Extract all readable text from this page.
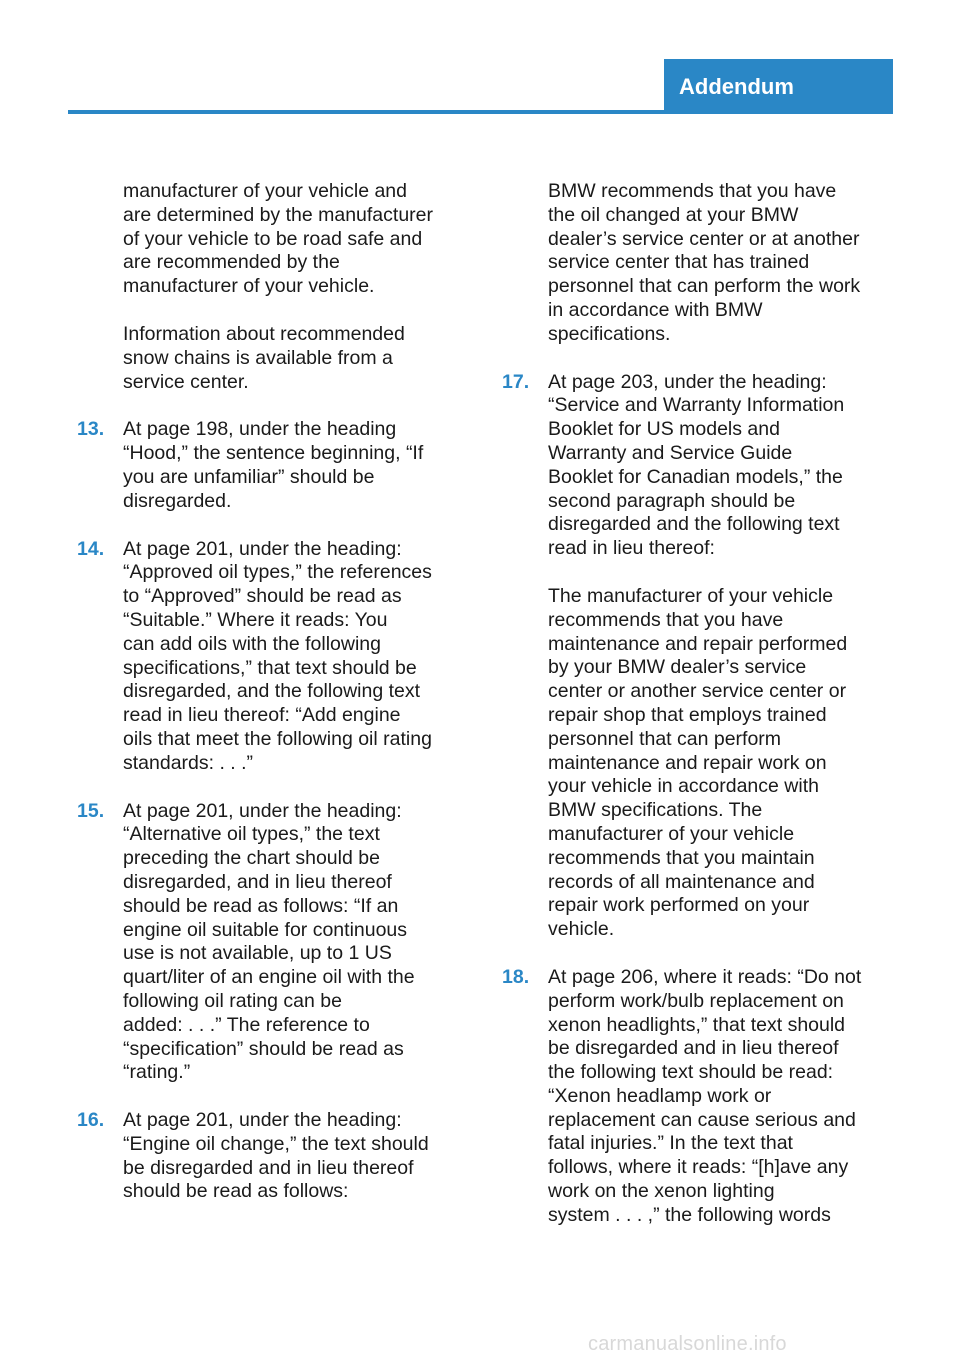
Addendum
manufacturer of your vehicle and
are determined by the manufacturer
of your vehicle to be road safe and
are recommended by the
manufacturer of your vehicle.
Information about recommended
snow chains is available from a
service center.
13. At page 198, under the heading
“Hood,” the sentence beginning, “If
you are unfamiliar” should be
disregarded.
14. At page 201, under the heading:
“Approved oil types,” the references
to “Approved” should be read as
“Suitable.” Where it reads: You
can add oils with the following
specifications,” that text should be
disregarded, and the following text
read in lieu thereof: “Add engine
oils that meet the following oil rating
standards: . . .”
15. At page 201, under the heading:
“Alternative oil types,” the text
preceding the chart should be
disregarded, and in lieu thereof
should be read as follows: “If an
engine oil suitable for continuous
use is not available, up to 1 US
quart/liter of an engine oil with the
following oil rating can be
added: . . .” The reference to
“specification” should be read as
“rating.”
16. At page 201, under the heading:
“Engine oil change,” the text should
be disregarded and in lieu thereof
should be read as follows:
BMW recommends that you have
the oil changed at your BMW
dealer’s service center or at another
service center that has trained
personnel that can perform the work
in accordance with BMW
specifications.
17. At page 203, under the heading:
“Service and Warranty Information
Booklet for US models and
Warranty and Service Guide
Booklet for Canadian models,” the
second paragraph should be
disregarded and the following text
read in lieu thereof:
The manufacturer of your vehicle
recommends that you have
maintenance and repair performed
by your BMW dealer’s service
center or another service center or
repair shop that employs trained
personnel that can perform
maintenance and repair work on
your vehicle in accordance with
BMW specifications. The
manufacturer of your vehicle
recommends that you maintain
records of all maintenance and
repair work performed on your
vehicle.
18. At page 206, where it reads: “Do not
perform work/bulb replacement on
xenon headlights,” that text should
be disregarded and in lieu thereof
the following text should be read:
“Xenon headlamp work or
replacement can cause serious and
fatal injuries.” In the text that
follows, where it reads: “[h]ave any
work on the xenon lighting
system . . . ,” the following words
carmanualsonline.info
